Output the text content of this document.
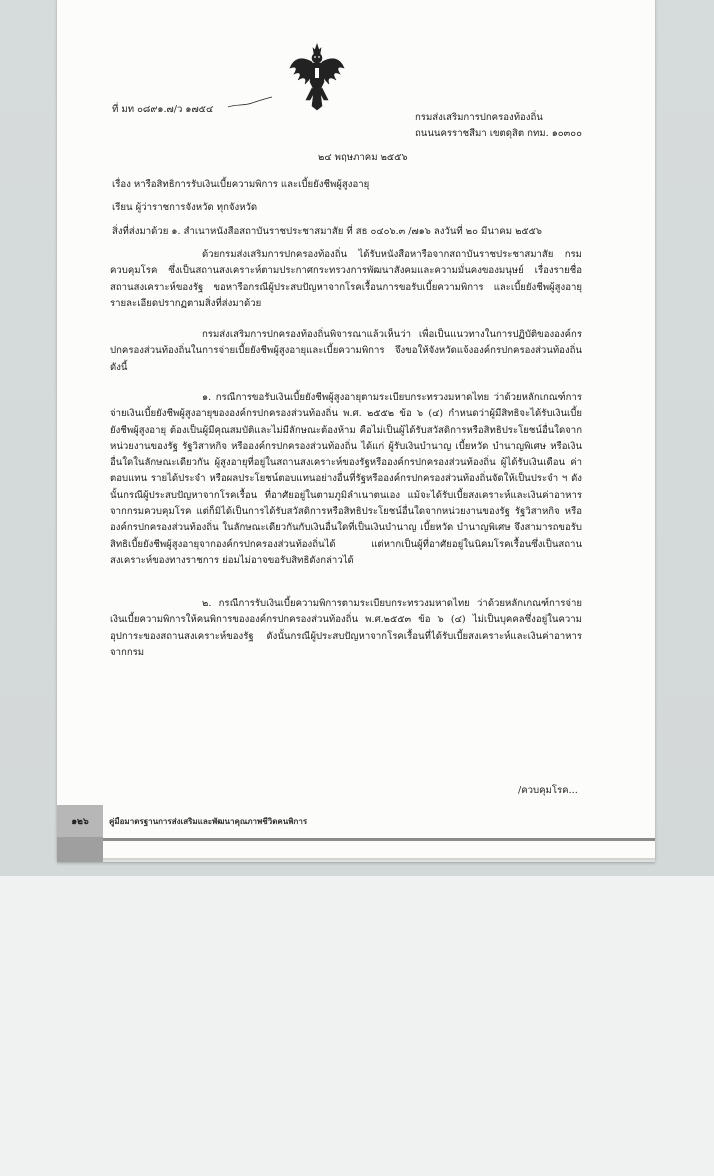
ที่ มท ๐๘๙๑.๗/ว ๑๗๕๔
กรมส่งเสริมการปกครองท้องถิ่น
ถนนนครราชสีมา เขตดุสิต กทม. ๑๐๓๐๐
๒๔ พฤษภาคม ๒๕๕๖
เรื่อง หารือสิทธิการรับเงินเบี้ยความพิการ และเบี้ยยังชีพผู้สูงอายุ
เรียน ผู้ว่าราชการจังหวัด ทุกจังหวัด
สิ่งที่ส่งมาด้วย ๑. สำเนาหนังสือสถาบันราชประชาสมาสัย ที่ สธ ๐๔๐๖.๓ /๗๑๖ ลงวันที่ ๒๐ มีนาคม ๒๕๕๖
ด้วยกรมส่งเสริมการปกครองท้องถิ่น ได้รับหนังสือหารือจากสถาบันราชประชาสมาสัย กรมควบคุมโรค ซึ่งเป็นสถานสงเคราะห์ตามประกาศกระทรวงการพัฒนาสังคมและความมั่นคงของมนุษย์ เรื่องรายชื่อสถานสงเคราะห์ของรัฐ ขอหารือกรณีผู้ประสบปัญหาจากโรคเรื้อนการขอรับเบี้ยความพิการ และเบี้ยยังชีพผู้สูงอายุ รายละเอียดปรากฏตามสิ่งที่ส่งมาด้วย
กรมส่งเสริมการปกครองท้องถิ่นพิจารณาแล้วเห็นว่า เพื่อเป็นแนวทางในการปฏิบัติขององค์กรปกครองส่วนท้องถิ่นในการจ่ายเบี้ยยังชีพผู้สูงอายุและเบี้ยความพิการ จึงขอให้จังหวัดแจ้งองค์กรปกครองส่วนท้องถิ่น ดังนี้
๑. กรณีการขอรับเงินเบี้ยยังชีพผู้สูงอายุตามระเบียบกระทรวงมหาดไทย ว่าด้วยหลักเกณฑ์การจ่ายเงินเบี้ยยังชีพผู้สูงอายุขององค์กรปกครองส่วนท้องถิ่น พ.ศ. ๒๕๕๒ ข้อ ๖ (๔) กำหนดว่าผู้มีสิทธิจะได้รับเงินเบี้ยยังชีพผู้สูงอายุ ต้องเป็นผู้มีคุณสมบัติและไม่มีลักษณะต้องห้าม คือไม่เป็นผู้ได้รับสวัสดิการหรือสิทธิประโยชน์อื่นใดจากหน่วยงานของรัฐ รัฐวิสาหกิจ หรือองค์กรปกครองส่วนท้องถิ่น ได้แก่ ผู้รับเงินบำนาญ เบี้ยหวัด บำนาญพิเศษ หรือเงินอื่นใดในลักษณะเดียวกัน ผู้สูงอายุที่อยู่ในสถานสงเคราะห์ของรัฐหรือองค์กรปกครองส่วนท้องถิ่น ผู้ได้รับเงินเดือน ค่าตอบแทน รายได้ประจำ หรือผลประโยชน์ตอบแทนอย่างอื่นที่รัฐหรือองค์กรปกครองส่วนท้องถิ่นจัดให้เป็นประจำ ฯ ดังนั้นกรณีผู้ประสบปัญหาจากโรคเรื้อน ที่อาศัยอยู่ในตามภูมิลำเนาตนเอง แม้จะได้รับเบี้ยสงเคราะห์และเงินค่าอาหารจากกรมควบคุมโรค แต่ก็มิได้เป็นการได้รับสวัสดิการหรือสิทธิประโยชน์อื่นใดจากหน่วยงานของรัฐ รัฐวิสาหกิจ หรือองค์กรปกครองส่วนท้องถิ่น ในลักษณะเดียวกันกับเงินอื่นใดที่เป็นเงินบำนาญ เบี้ยหวัด บำนาญพิเศษ จึงสามารถขอรับสิทธิเบี้ยยังชีพผู้สูงอายุจากองค์กรปกครองส่วนท้องถิ่นได้ แต่หากเป็นผู้ที่อาศัยอยู่ในนิคมโรคเรื้อนซึ่งเป็นสถานสงเคราะห์ของทางราชการ ย่อมไม่อาจขอรับสิทธิดังกล่าวได้
๒. กรณีการรับเงินเบี้ยความพิการตามระเบียบกระทรวงมหาดไทย ว่าด้วยหลักเกณฑ์การจ่ายเงินเบี้ยความพิการให้คนพิการขององค์กรปกครองส่วนท้องถิ่น พ.ศ.๒๕๕๓ ข้อ ๖ (๔) ไม่เป็นบุคคลซึ่งอยู่ในความอุปการะของสถานสงเคราะห์ของรัฐ ดังนั้นกรณีผู้ประสบปัญหาจากโรคเรื้อนที่ได้รับเบี้ยสงเคราะห์และเงินค่าอาหารจากกรม
/ควบคุมโรค...
๑๒๖	คู่มือมาตรฐานการส่งเสริมและพัฒนาคุณภาพชีวิตคนพิการ
